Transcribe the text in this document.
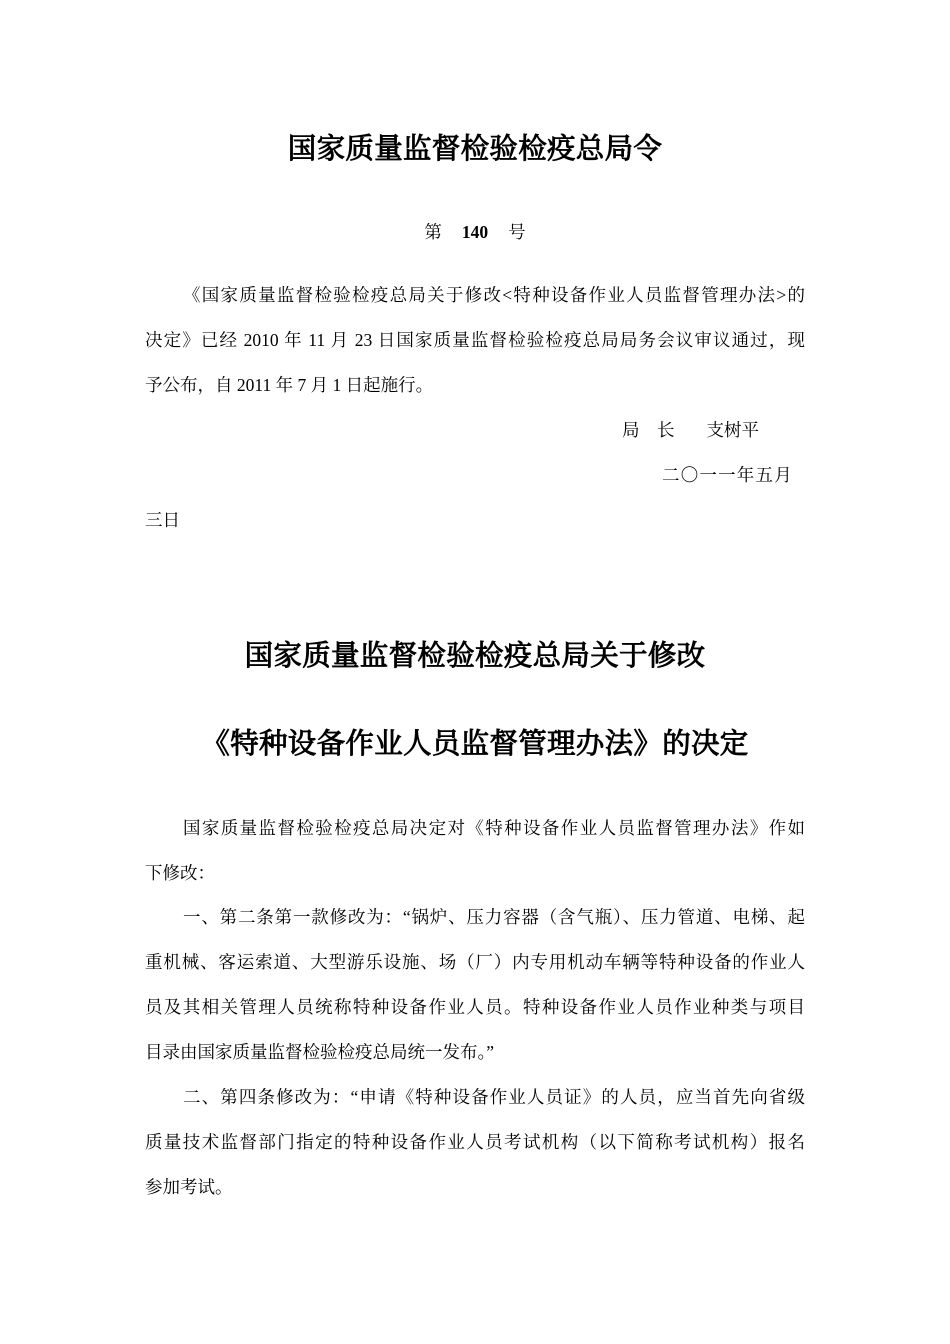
国家质量监督检验检疫总局令
第 140 号
《国家质量监督检验检疫总局关于修改<特种设备作业人员监督管理办法>的
决定》已经 2010 年 11 月 23 日国家质量监督检验检疫总局局务会议审议通过，现
予公布，自 2011 年 7 月 1 日起施行。
局　长 支树平
二〇一一年五月
三日
国家质量监督检验检疫总局关于修改
《特种设备作业人员监督管理办法》的决定
国家质量监督检验检疫总局决定对《特种设备作业人员监督管理办法》作如
下修改：
一、第二条第一款修改为：“锅炉、压力容器（含气瓶）、压力管道、电梯、起
重机械、客运索道、大型游乐设施、场（厂）内专用机动车辆等特种设备的作业人
员及其相关管理人员统称特种设备作业人员。特种设备作业人员作业种类与项目
目录由国家质量监督检验检疫总局统一发布。”
二、第四条修改为：“申请《特种设备作业人员证》的人员，应当首先向省级
质量技术监督部门指定的特种设备作业人员考试机构（以下简称考试机构）报名
参加考试。
